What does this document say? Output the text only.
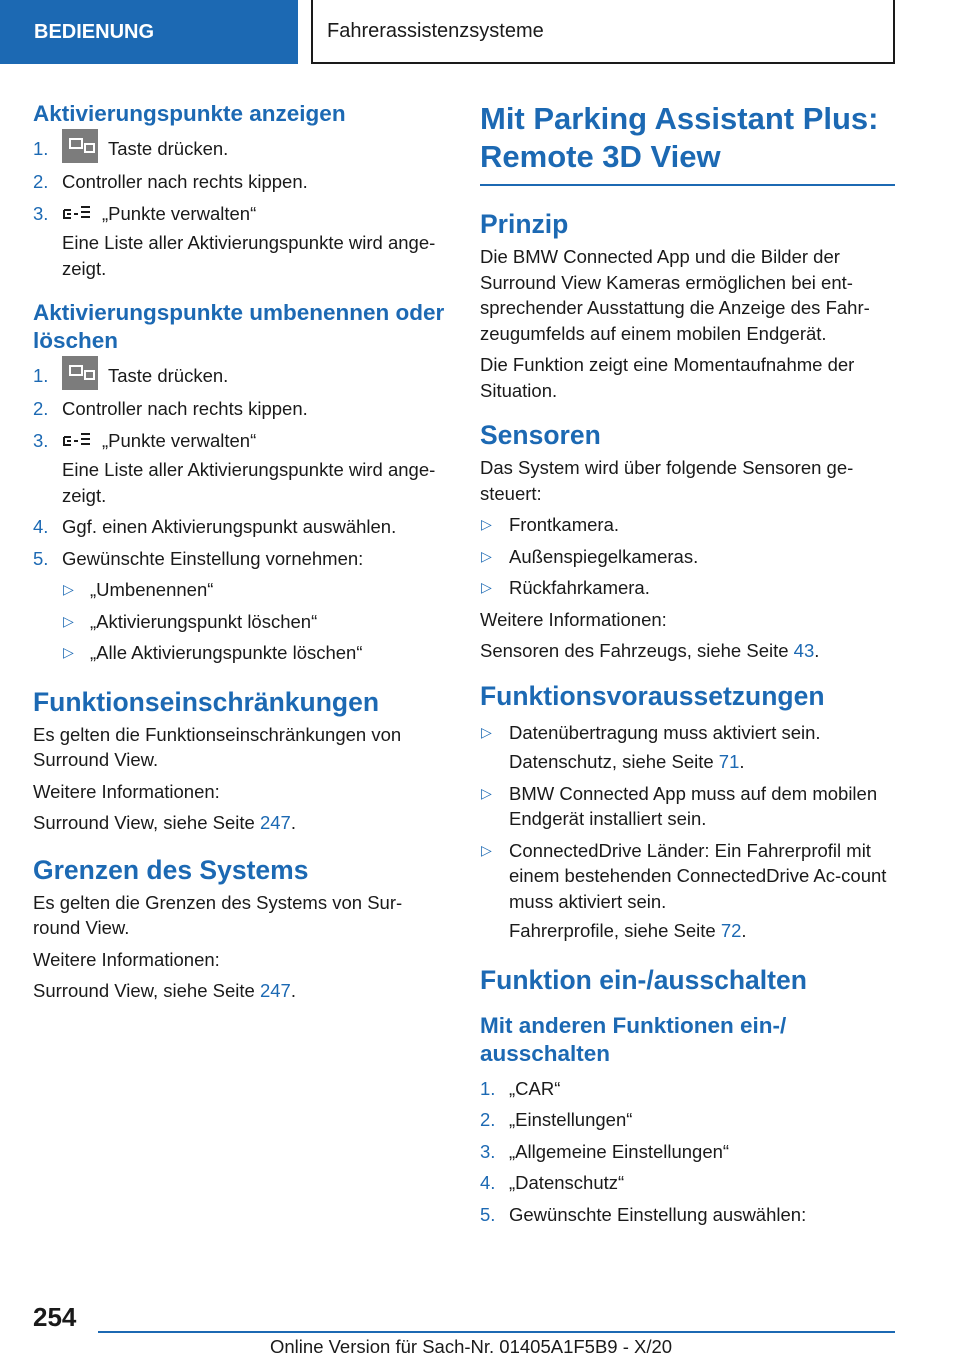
BEDIENUNG	Fahrerassistenzsysteme
Aktivierungspunkte anzeigen
1.	Taste drücken.
2. Controller nach rechts kippen.
3.	„Punkte verwalten“
Eine Liste aller Aktivierungspunkte wird ange-zeigt.
Aktivierungspunkte umbenennen oder löschen
1.	Taste drücken.
2. Controller nach rechts kippen.
3.	„Punkte verwalten“
Eine Liste aller Aktivierungspunkte wird ange-zeigt.
4. Ggf. einen Aktivierungspunkt auswählen.
5. Gewünschte Einstellung vornehmen:
▷ „Umbenennen“
▷ „Aktivierungspunkt löschen“
▷ „Alle Aktivierungspunkte löschen“
Funktionseinschränkungen

Es gelten die Funktionseinschränkungen von Surround View.

Weitere Informationen:

Surround View, siehe Seite 247.

Grenzen des Systems

Es gelten die Grenzen des Systems von Sur-round View.

Weitere Informationen:

Surround View, siehe Seite 247.

Mit Parking Assistant Plus: Remote 3D View
Prinzip

Die BMW Connected App und die Bilder der Surround View Kameras ermöglichen bei ent-sprechender Ausstattung die Anzeige des Fahr-zeugumfelds auf einem mobilen Endgerät.

Die Funktion zeigt eine Momentaufnahme der Situation.

Sensoren

Das System wird über folgende Sensoren ge-steuert:

▷ Frontkamera.
▷ Außenspiegelkameras.
▷ Rückfahrkamera.

Weitere Informationen:

Sensoren des Fahrzeugs, siehe Seite 43.

Funktionsvoraussetzungen
▷ Datenübertragung muss aktiviert sein.
Datenschutz, siehe Seite 71.
▷ BMW Connected App muss auf dem mobilen Endgerät installiert sein.
▷ ConnectedDrive Länder: Ein Fahrerprofil mit einem bestehenden ConnectedDrive Ac-count muss aktiviert sein.
Fahrerprofile, siehe Seite 72.
Funktion ein-/ausschalten
Mit anderen Funktionen ein-/ ausschalten
1. „CAR“
2. „Einstellungen“
3. „Allgemeine Einstellungen“
4. „Datenschutz“
5. Gewünschte Einstellung auswählen:
254
Online Version für Sach-Nr. 01405A1F5B9 - X/20
